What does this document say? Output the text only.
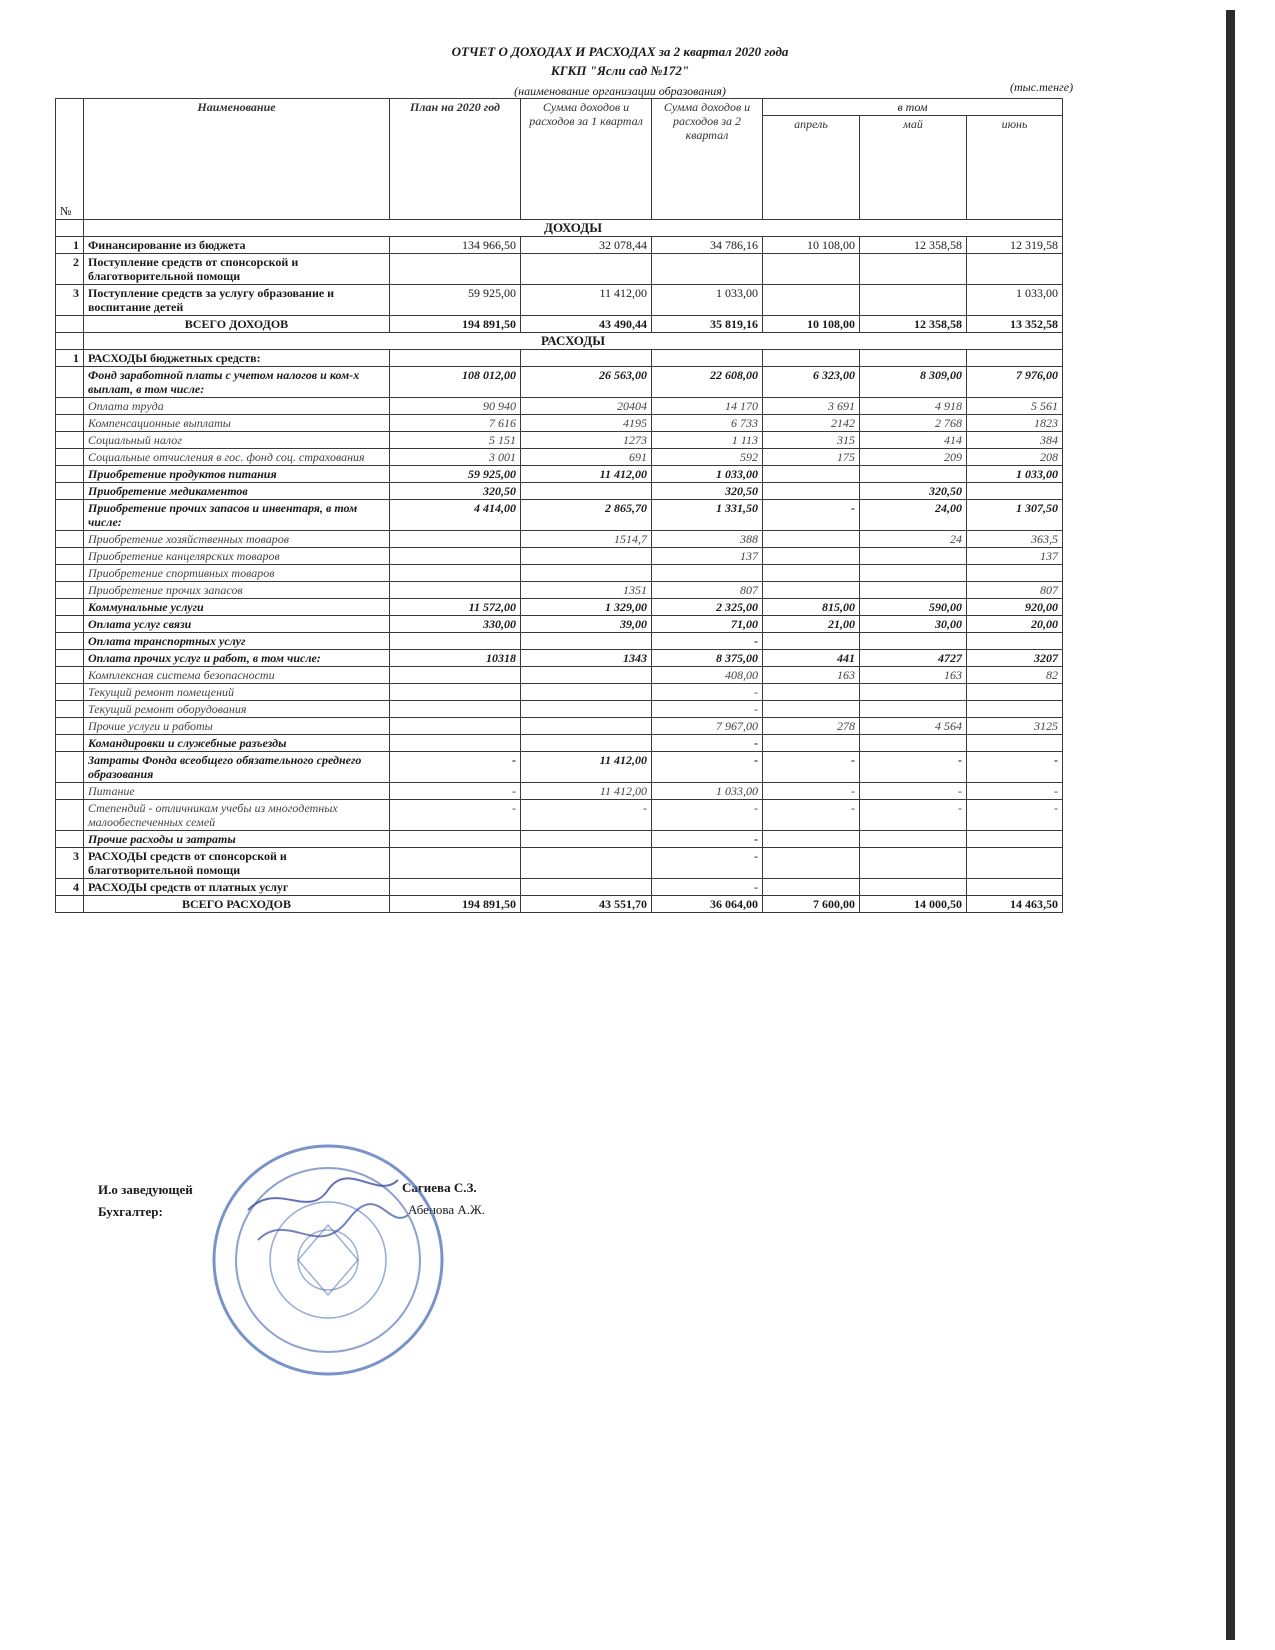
ОТЧЕТ О ДОХОДАХ И РАСХОДАХ за 2 квартал 2020 года
КГКП "Ясли сад №172"
(наименование организации образования)	(тыс.тенге)
№	Наименование	План на 2020 год	Сумма доходов и расходов за 1 квартал	Сумма доходов и расходов за 2 квартал	в том		
					апрель	май	июнь
	ДОХОДЫ						
1	Финансирование из бюджета	134 966,50	32 078,44	34 786,16	10 108,00	12 358,58	12 319,58
2	Поступление средств от спонсорской и благотворительной помощи						
3	Поступление средств за услугу образование и воспитание детей	59 925,00	11 412,00	1 033,00			1 033,00
	ВСЕГО ДОХОДОВ	194 891,50	43 490,44	35 819,16	10 108,00	12 358,58	13 352,58
	РАСХОДЫ						
1	РАСХОДЫ бюджетных средств:						
	Фонд заработной платы с учетом налогов и ком-х выплат, в том числе:	108 012,00	26 563,00	22 608,00	6 323,00	8 309,00	7 976,00
	Оплата труда	90 940	20404	14 170	3 691	4 918	5 561
	Компенсационные выплаты	7 616	4195	6 733	2142	2 768	1823
	Социальный налог	5 151	1273	1 113	315	414	384
	Социальные отчисления в гос. фонд соц. страхования	3 001	691	592	175	209	208
	Приобретение продуктов питания	59 925,00	11 412,00	1 033,00			1 033,00
	Приобретение медикаментов	320,50		320,50		320,50	
	Приобретение прочих запасов и инвентаря, в том числе:	4 414,00	2 865,70	1 331,50	-	24,00	1 307,50
	Приобретение хозяйственных товаров		1514,7	388		24	363,5
	Приобретение канцелярских товаров			137			137
	Приобретение спортивных товаров						
	Приобретение прочих запасов		1351	807			807
	Коммунальные услуги	11 572,00	1 329,00	2 325,00	815,00	590,00	920,00
	Оплата услуг связи	330,00	39,00	71,00	21,00	30,00	20,00
	Оплата транспортных услуг			-			
	Оплата прочих услуг и работ, в том числе:	10318	1343	8 375,00	441	4727	3207
	Комплексная система безопасности			408,00	163	163	82
	Текущий ремонт помещений			-			
	Текущий ремонт оборудования			-			
	Прочие услуги и работы			7 967,00	278	4 564	3125
	Командировки и служебные разъезды			-			
	Затраты Фонда всеобщего обязательного среднего образования	-	11 412,00	-	-	-	-
	Питание	-	11 412,00	1 033,00	-	-	-
	Степендий - отличникам учебы из многодетных малообеспеченных семей	-	-	-	-	-	-
	Прочие расходы и затраты			-			
3	РАСХОДЫ средств от спонсорской и благотворительной помощи			-			
4	РАСХОДЫ средств от платных услуг			-			
	ВСЕГО РАСХОДОВ	194 891,50	43 551,70	36 064,00	7 600,00	14 000,50	14 463,50
И.о заведующей	Сагиева С.З.
Бухгалтер:	Абенова А.Ж.
